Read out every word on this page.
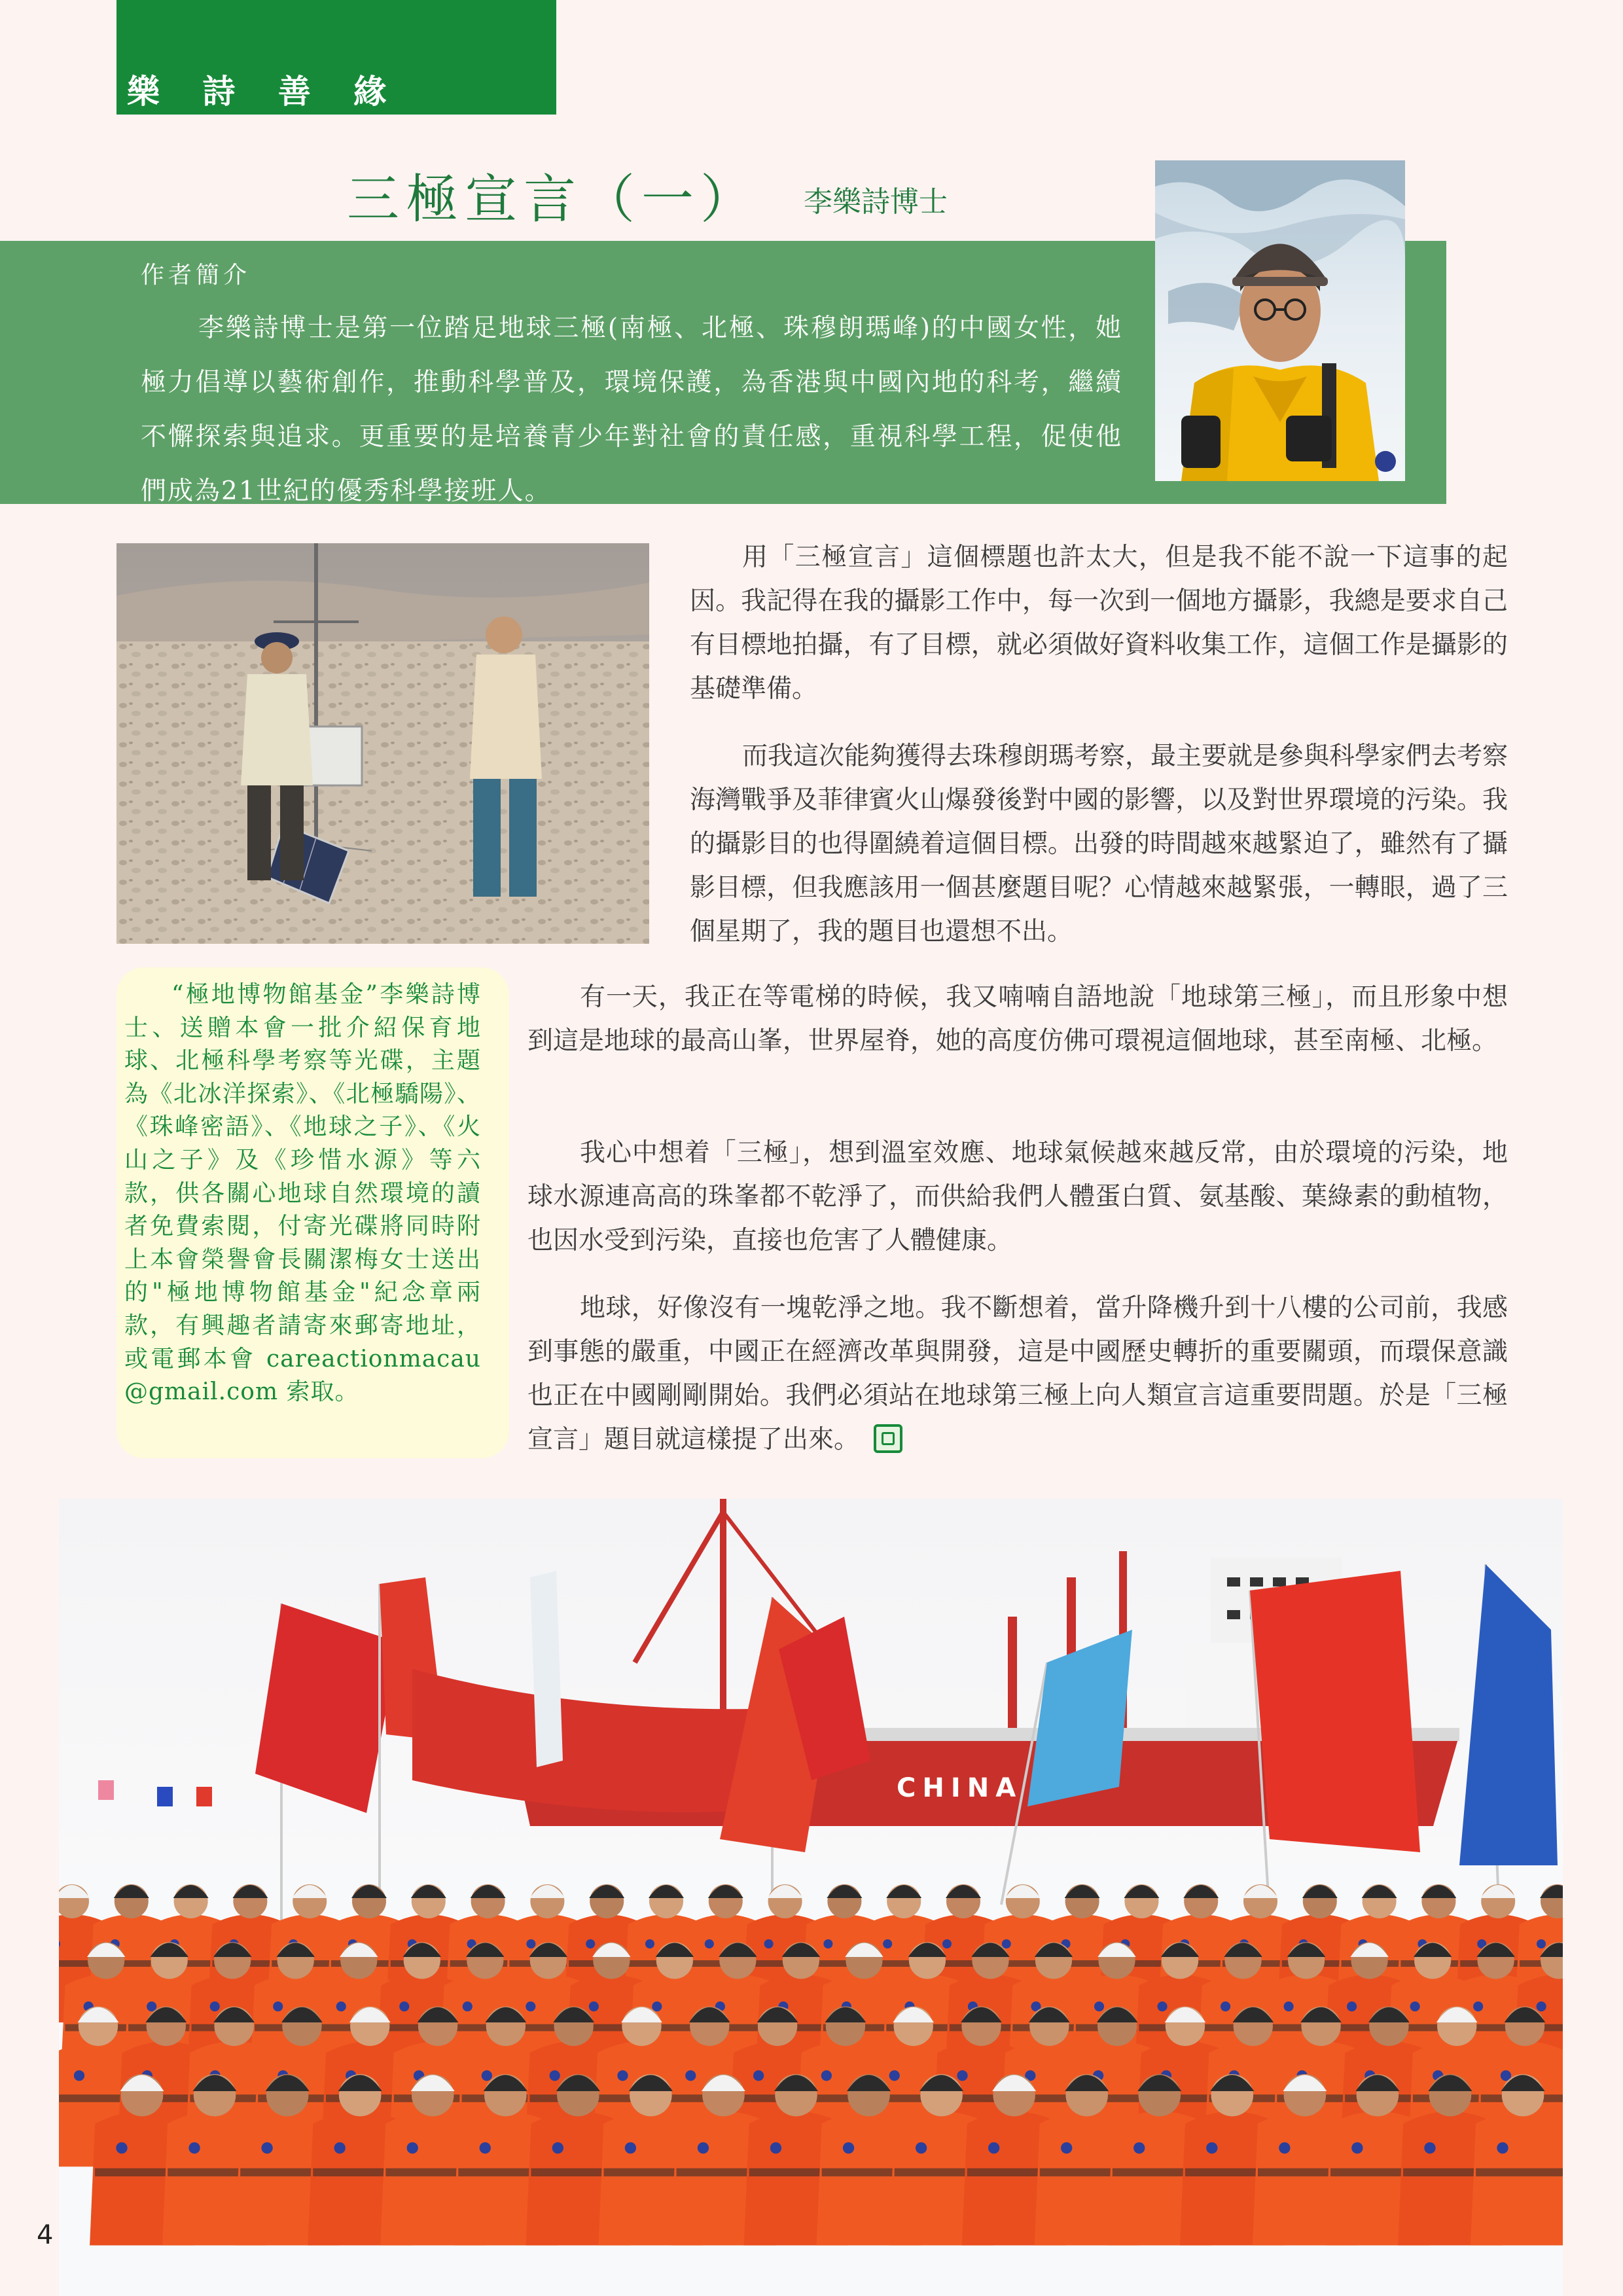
樂 詩 善 緣
三極宣言（一） 李樂詩博士
作者簡介
李樂詩博士是第一位踏足地球三極(南極、北極、珠穆朗瑪峰)的中國女性，她極力倡導以藝術創作，推動科學普及，環境保護，為香港與中國內地的科考，繼續不懈探索與追求。更重要的是培養青少年對社會的責任感，重視科學工程，促使他們成為21世紀的優秀科學接班人。

用「三極宣言」這個標題也許太大，但是我不能不說一下這事的起因。我記得在我的攝影工作中，每一次到一個地方攝影，我總是要求自己有目標地拍攝，有了目標，就必須做好資料收集工作，這個工作是攝影的基礎準備。

而我這次能夠獲得去珠穆朗瑪考察，最主要就是參與科學家們去考察海灣戰爭及菲律賓火山爆發後對中國的影響，以及對世界環境的污染。我的攝影目的也得圍繞着這個目標。出發的時間越來越緊迫了，雖然有了攝影目標，但我應該用一個甚麼題目呢？心情越來越緊張，一轉眼，過了三個星期了，我的題目也還想不出。

有一天，我正在等電梯的時候，我又喃喃自語地說「地球第三極」，而且形象中想到這是地球的最高山峯，世界屋脊，她的高度仿佛可環視這個地球，甚至南極、北極。

我心中想着「三極」，想到溫室效應、地球氣候越來越反常，由於環境的污染，地球水源連高高的珠峯都不乾淨了，而供給我們人體蛋白質、氨基酸、葉綠素的動植物，也因水受到污染，直接也危害了人體健康。

地球，好像沒有一塊乾淨之地。我不斷想着，當升降機升到十八樓的公司前，我感到事態的嚴重，中國正在經濟改革與開發，這是中國歷史轉折的重要關頭，而環保意識也正在中國剛剛開始。我們必須站在地球第三極上向人類宣言這重要問題。於是「三極宣言」題目就這樣提了出來。

“極地博物館基金”李樂詩博士、送贈本會一批介紹保育地球、北極科學考察等光碟，主題為《北冰洋探索》、《北極驕陽》、《珠峰密語》、《地球之子》、《火山之子》及《珍惜水源》等六款，供各關心地球自然環境的讀者免費索閱，付寄光碟將同時附上本會榮譽會長關潔梅女士送出的"極地博物館基金"紀念章兩款，有興趣者請寄來郵寄地址，或電郵本會 careactionmacau@gmail.com 索取。
CHINA
4
